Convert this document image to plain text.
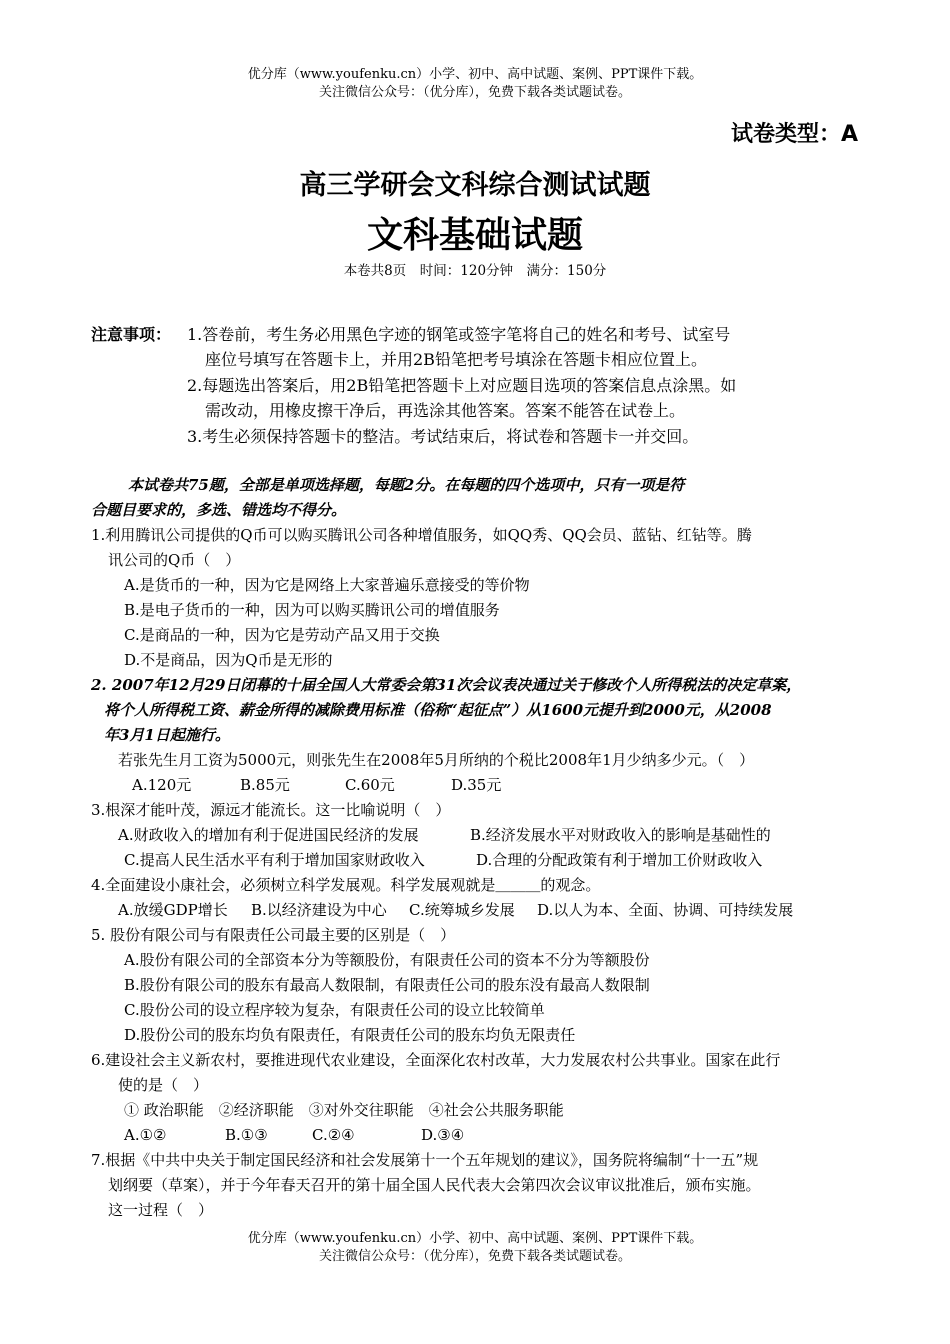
优分库（www.youfenku.cn）小学、初中、高中试题、案例、PPT课件下载。
关注微信公众号：（优分库），免费下载各类试题试卷。
试卷类型：A
高三学研会文科综合测试试题
文科基础试题
本卷共8页　时间：120分钟　满分：150分
注意事项： 1.答卷前，考生务必用黑色字迹的钢笔或签字笔将自己的姓名和考号、试室号
座位号填写在答题卡上，并用2B铅笔把考号填涂在答题卡相应位置上。
2.每题选出答案后，用2B铅笔把答题卡上对应题目选项的答案信息点涂黑。如
需改动，用橡皮擦干净后，再选涂其他答案。答案不能答在试卷上。
3.考生必须保持答题卡的整洁。考试结束后，将试卷和答题卡一并交回。
本试卷共75题，全部是单项选择题，每题2分。在每题的四个选项中，只有一项是符
合题目要求的，多选、错选均不得分。
1.利用腾讯公司提供的Q币可以购买腾讯公司各种增值服务，如QQ秀、QQ会员、蓝钻、红钻等。腾
讯公司的Q币（　）
A.是货币的一种，因为它是网络上大家普遍乐意接受的等价物
B.是电子货币的一种，因为可以购买腾讯公司的增值服务
C.是商品的一种，因为它是劳动产品又用于交换
D.不是商品，因为Q币是无形的
2. 2007年12月29日闭幕的十届全国人大常委会第31次会议表决通过关于修改个人所得税法的决定草案，
将个人所得税工资、薪金所得的减除费用标准（俗称“起征点”）从1600元提升到2000元，从2008
年3月1日起施行。
若张先生月工资为5000元，则张先生在2008年5月所纳的个税比2008年1月少纳多少元。（　）
A.120元	B.85元	C.60元	D.35元
3.根深才能叶茂，源远才能流长。这一比喻说明（　）
A.财政收入的增加有利于促进国民经济的发展	B.经济发展水平对财政收入的影响是基础性的
C.提高人民生活水平有利于增加国家财政收入	D.合理的分配政策有利于增加工价财政收入
4.全面建设小康社会，必须树立科学发展观。科学发展观就是＿＿＿的观念。
A.放缓GDP增长 B.以经济建设为中心 C.统筹城乡发展 D.以人为本、全面、协调、可持续发展
5. 股份有限公司与有限责任公司最主要的区别是（　）
A.股份有限公司的全部资本分为等额股份，有限责任公司的资本不分为等额股份
B.股份有限公司的股东有最高人数限制，有限责任公司的股东没有最高人数限制
C.股份公司的设立程序较为复杂，有限责任公司的设立比较简单
D.股份公司的股东均负有限责任，有限责任公司的股东均负无限责任
6.建设社会主义新农村，要推进现代农业建设，全面深化农村改革，大力发展农村公共事业。国家在此行
使的是（　）
① 政治职能　②经济职能　③对外交往职能　④社会公共服务职能
A.①②	B.①③	C.②④	D.③④
7.根据《中共中央关于制定国民经济和社会发展第十一个五年规划的建议》，国务院将编制“十一五”规
划纲要（草案），并于今年春天召开的第十届全国人民代表大会第四次会议审议批准后，颁布实施。
这一过程（　）
优分库（www.youfenku.cn）小学、初中、高中试题、案例、PPT课件下载。
关注微信公众号：（优分库），免费下载各类试题试卷。
